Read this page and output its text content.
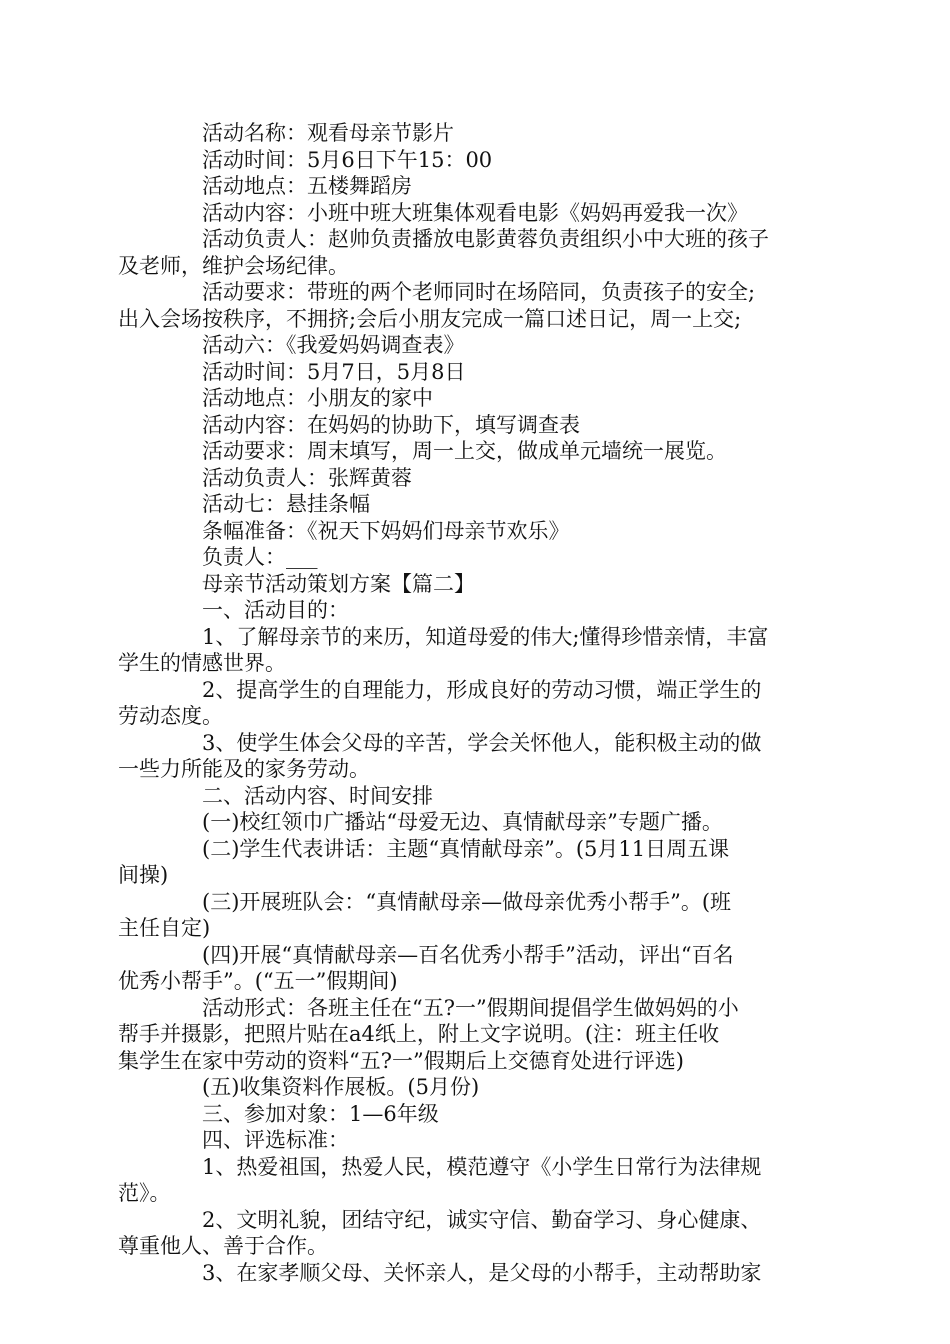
活动名称：观看母亲节影片

活动时间：5月6日下午15：00

活动地点：五楼舞蹈房

活动内容：小班中班大班集体观看电影《妈妈再爱我一次》

活动负责人：赵帅负责播放电影黄蓉负责组织小中大班的孩子

及老师，维护会场纪律。

活动要求：带班的两个老师同时在场陪同，负责孩子的安全;

出入会场按秩序，不拥挤;会后小朋友完成一篇口述日记，周一上交;

活动六：《我爱妈妈调查表》

活动时间：5月7日，5月8日

活动地点：小朋友的家中

活动内容：在妈妈的协助下，填写调查表

活动要求：周末填写，周一上交，做成单元墙统一展览。

活动负责人：张辉黄蓉

活动七：悬挂条幅

条幅准备：《祝天下妈妈们母亲节欢乐》

负责人：___

母亲节活动策划方案【篇二】

一、活动目的：

1、了解母亲节的来历，知道母爱的伟大;懂得珍惜亲情，丰富

学生的情感世界。

2、提高学生的自理能力，形成良好的劳动习惯，端正学生的

劳动态度。

3、使学生体会父母的辛苦，学会关怀他人，能积极主动的做

一些力所能及的家务劳动。

二、活动内容、时间安排

(一)校红领巾广播站“母爱无边、真情献母亲”专题广播。

(二)学生代表讲话：主题“真情献母亲”。(5月11日周五课

间操)

(三)开展班队会：“真情献母亲—做母亲优秀小帮手”。(班

主任自定)

(四)开展“真情献母亲—百名优秀小帮手”活动，评出“百名

优秀小帮手”。(“五一”假期间)

活动形式：各班主任在“五?一”假期间提倡学生做妈妈的小

帮手并摄影，把照片贴在a4纸上，附上文字说明。(注：班主任收

集学生在家中劳动的资料“五?一”假期后上交德育处进行评选)

(五)收集资料作展板。(5月份)

三、参加对象：1—6年级

四、评选标准：

1、热爱祖国，热爱人民，模范遵守《小学生日常行为法律规

范》。

2、文明礼貌，团结守纪，诚实守信、勤奋学习、身心健康、

尊重他人、善于合作。

3、在家孝顺父母、关怀亲人，是父母的小帮手，主动帮助家
